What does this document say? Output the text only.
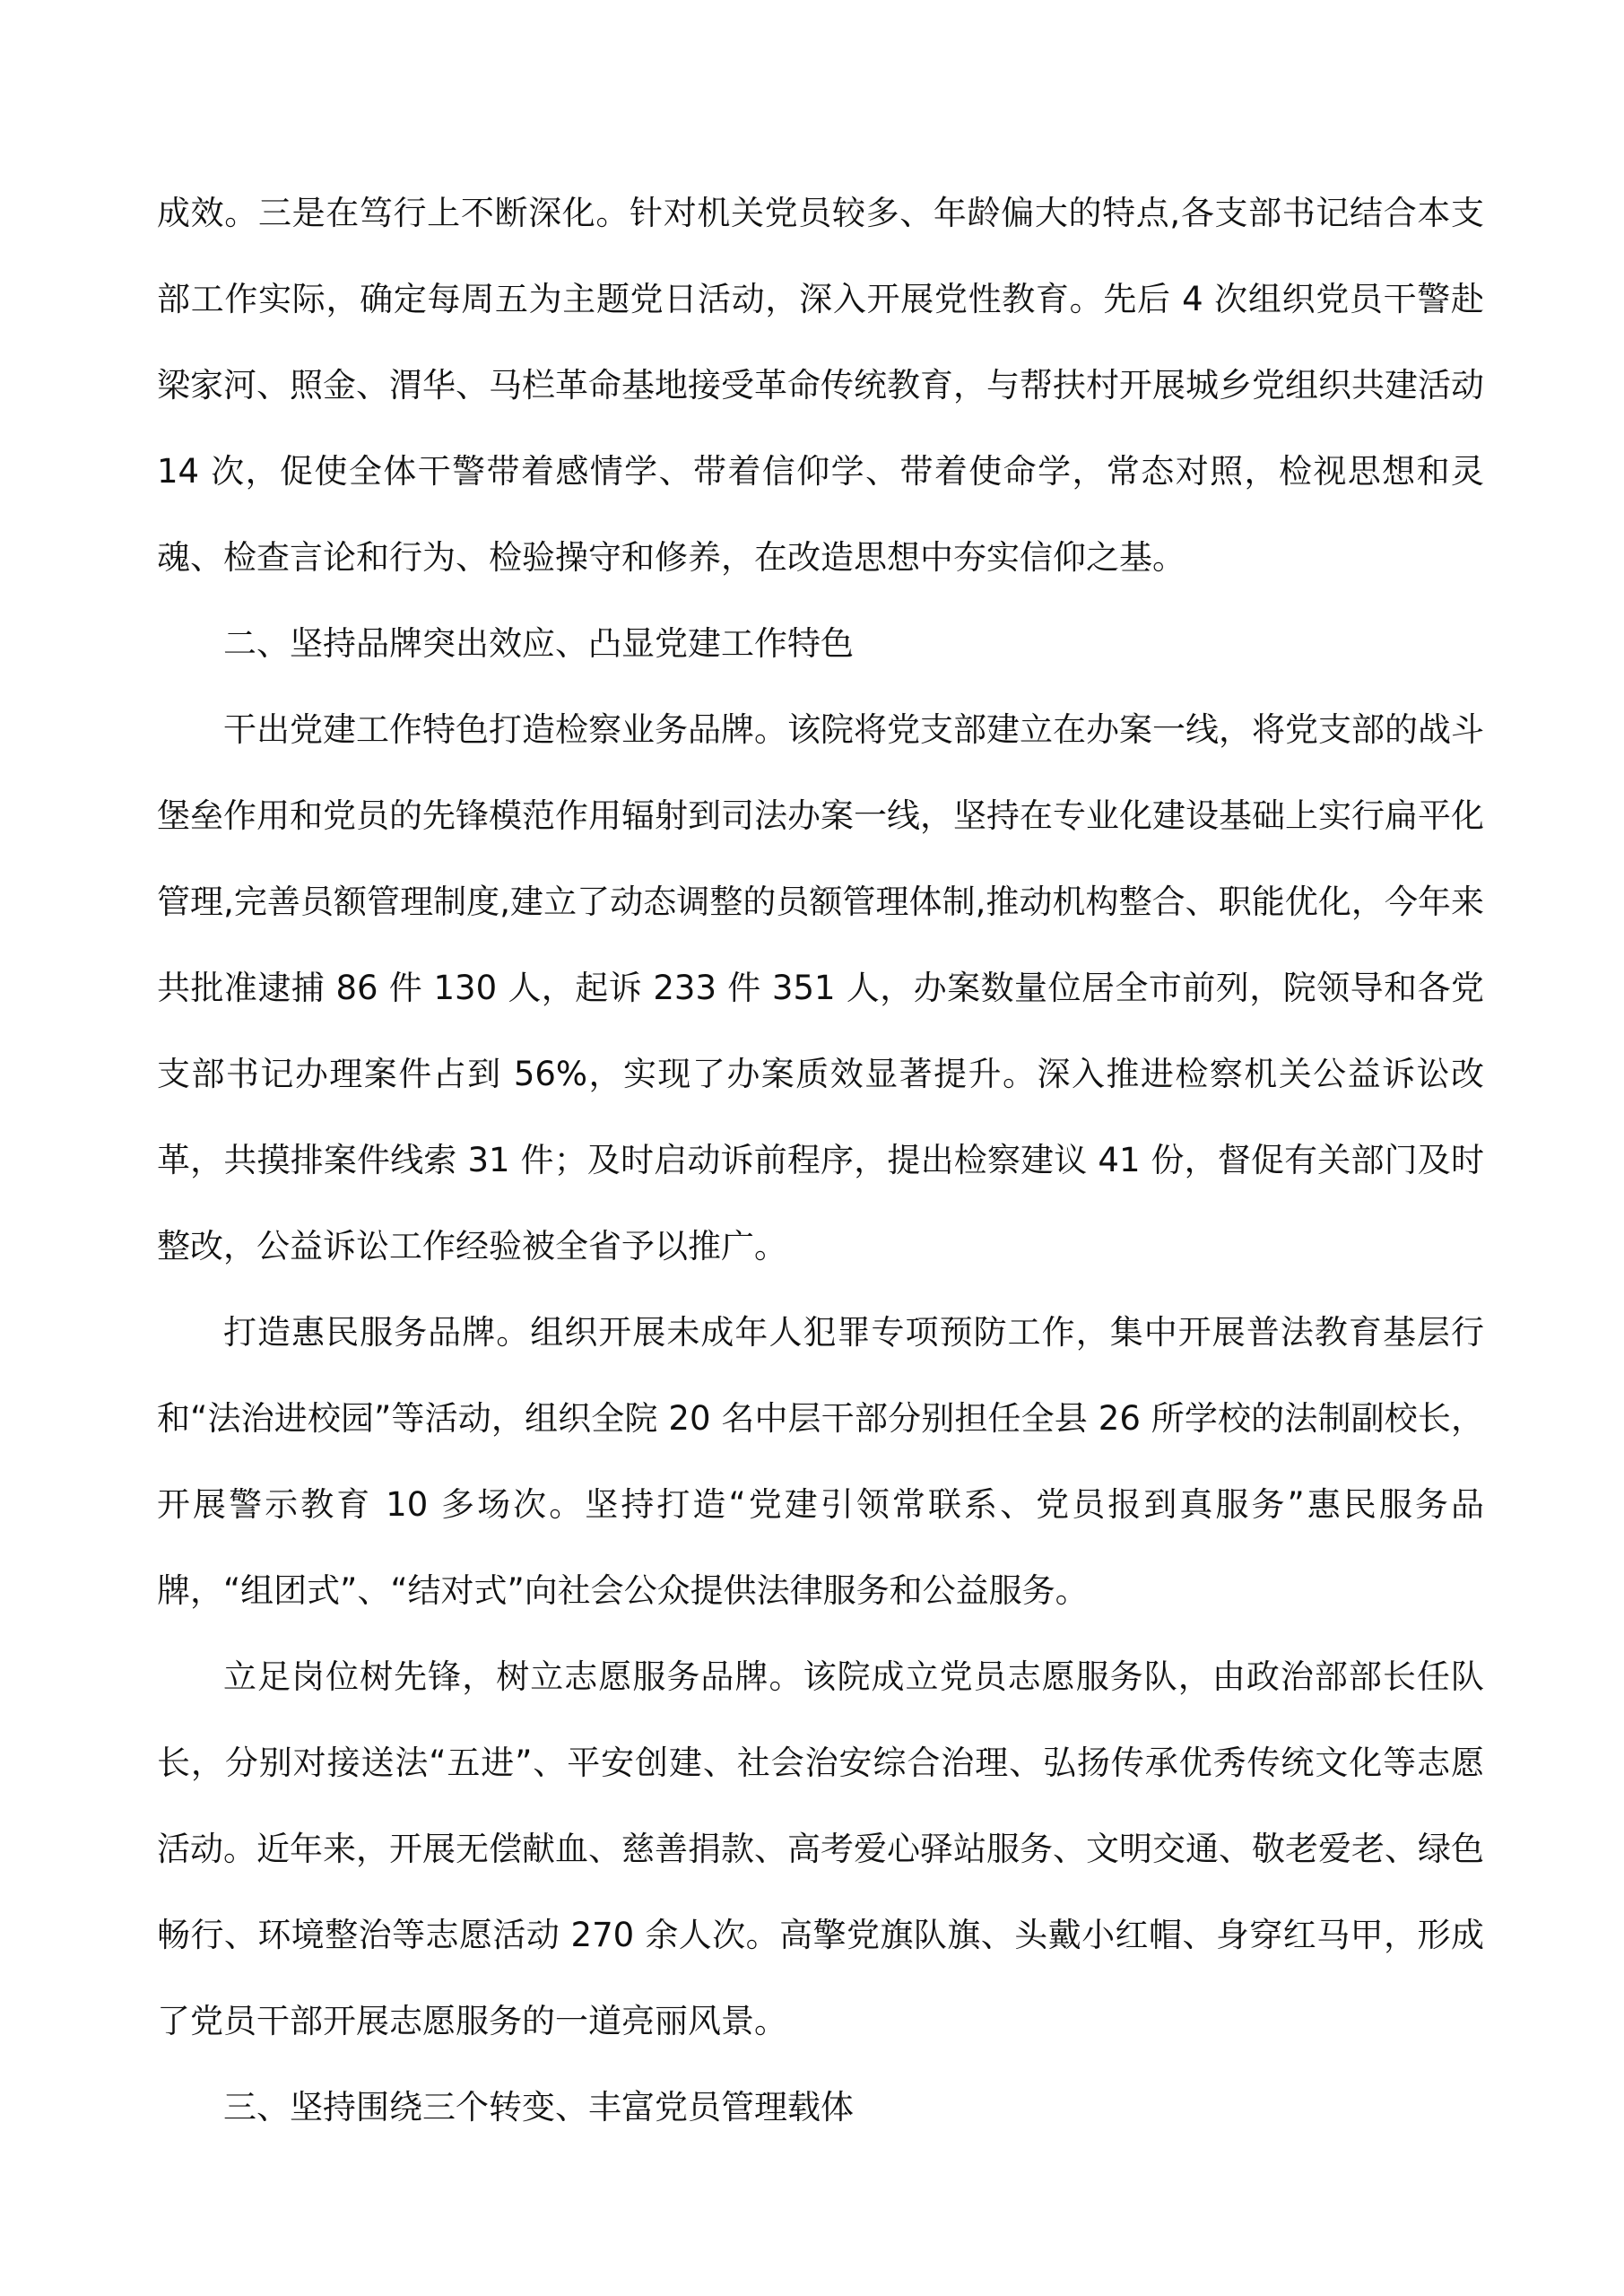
成效。三是在笃行上不断深化。针对机关党员较多、年龄偏大的特点,各支部书记结合本支部工作实际，确定每周五为主题党日活动，深入开展党性教育。先后 4 次组织党员干警赴梁家河、照金、渭华、马栏革命基地接受革命传统教育，与帮扶村开展城乡党组织共建活动 14 次，促使全体干警带着感情学、带着信仰学、带着使命学，常态对照，检视思想和灵魂、检查言论和行为、检验操守和修养，在改造思想中夯实信仰之基。

二、坚持品牌突出效应、凸显党建工作特色

干出党建工作特色打造检察业务品牌。该院将党支部建立在办案一线，将党支部的战斗堡垒作用和党员的先锋模范作用辐射到司法办案一线，坚持在专业化建设基础上实行扁平化管理,完善员额管理制度,建立了动态调整的员额管理体制,推动机构整合、职能优化，今年来共批准逮捕 86 件 130 人，起诉 233 件 351 人，办案数量位居全市前列，院领导和各党支部书记办理案件占到 56%，实现了办案质效显著提升。深入推进检察机关公益诉讼改革，共摸排案件线索 31 件；及时启动诉前程序，提出检察建议 41 份，督促有关部门及时整改，公益诉讼工作经验被全省予以推广。

打造惠民服务品牌。组织开展未成年人犯罪专项预防工作，集中开展普法教育基层行和“法治进校园”等活动，组织全院 20 名中层干部分别担任全县 26 所学校的法制副校长，开展警示教育 10 多场次。坚持打造“党建引领常联系、党员报到真服务”惠民服务品牌，“组团式”、“结对式”向社会公众提供法律服务和公益服务。

立足岗位树先锋，树立志愿服务品牌。该院成立党员志愿服务队，由政治部部长任队长，分别对接送法“五进”、平安创建、社会治安综合治理、弘扬传承优秀传统文化等志愿活动。近年来，开展无偿献血、慈善捐款、高考爱心驿站服务、文明交通、敬老爱老、绿色畅行、环境整治等志愿活动 270 余人次。高擎党旗队旗、头戴小红帽、身穿红马甲，形成了党员干部开展志愿服务的一道亮丽风景。

三、坚持围绕三个转变、丰富党员管理载体
